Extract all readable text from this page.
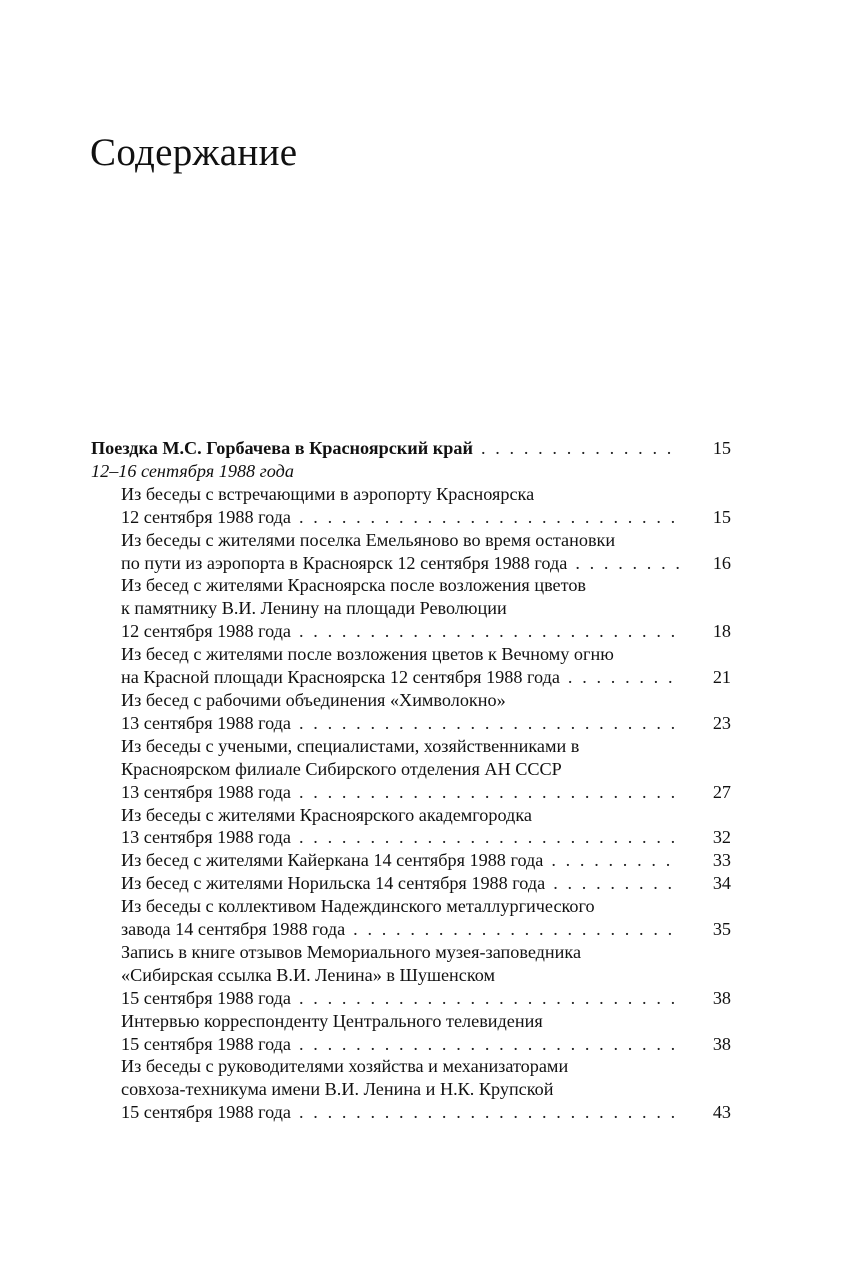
Содержание
Поездка М.С. Горбачева в Красноярский край . . .	15
12–16 сентября 1988 года
Из беседы с встречающими в аэропорту Красноярска
12 сентября 1988 года . . .	15
Из беседы с жителями поселка Емельяново во время остановки
по пути из аэропорта в Красноярск 12 сентября 1988 года . . .	16
Из бесед с жителями Красноярска после возложения цветов
к памятнику В.И. Ленину на площади Революции
12 сентября 1988 года . . .	18
Из бесед с жителями после возложения цветов к Вечному огню
на Красной площади Красноярска 12 сентября 1988 года . . .	21
Из бесед с рабочими объединения «Химволокно»
13 сентября 1988 года . . .	23
Из беседы с учеными, специалистами, хозяйственниками в
Красноярском филиале Сибирского отделения АН СССР
13 сентября 1988 года . . .	27
Из беседы с жителями Красноярского академгородка
13 сентября 1988 года . . .	32
Из бесед с жителями Кайеркана 14 сентября 1988 года . . .	33
Из бесед с жителями Норильска 14 сентября 1988 года . . .	34
Из беседы с коллективом Надеждинского металлургического
завода 14 сентября 1988 года . . .	35
Запись в книге отзывов Мемориального музея-заповедника
«Сибирская ссылка В.И. Ленина» в Шушенском
15 сентября 1988 года . . .	38
Интервью корреспонденту Центрального телевидения
15 сентября 1988 года . . .	38
Из беседы с руководителями хозяйства и механизаторами
совхоза-техникума имени В.И. Ленина и Н.К. Крупской
15 сентября 1988 года . . .	43
